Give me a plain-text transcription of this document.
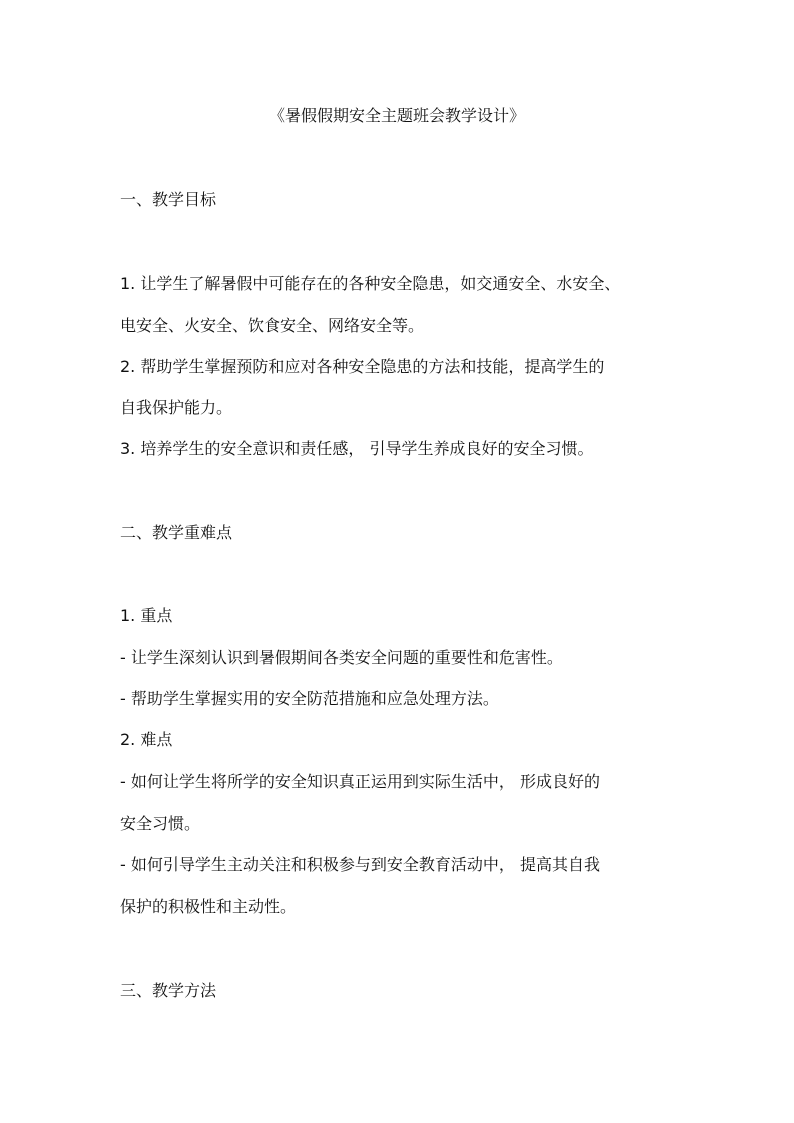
《暑假假期安全主题班会教学设计》
一、教学目标
1. 让学生了解暑假中可能存在的各种安全隐患，如交通安全、水安全、
电安全、火安全、饮食安全、网络安全等。
2. 帮助学生掌握预防和应对各种安全隐患的方法和技能，提高学生的
自我保护能力。
3. 培养学生的安全意识和责任感， 引导学生养成良好的安全习惯。
二、教学重难点
1. 重点
- 让学生深刻认识到暑假期间各类安全问题的重要性和危害性。
- 帮助学生掌握实用的安全防范措施和应急处理方法。
2. 难点
- 如何让学生将所学的安全知识真正运用到实际生活中， 形成良好的
安全习惯。
- 如何引导学生主动关注和积极参与到安全教育活动中， 提高其自我
保护的积极性和主动性。
三、教学方法
